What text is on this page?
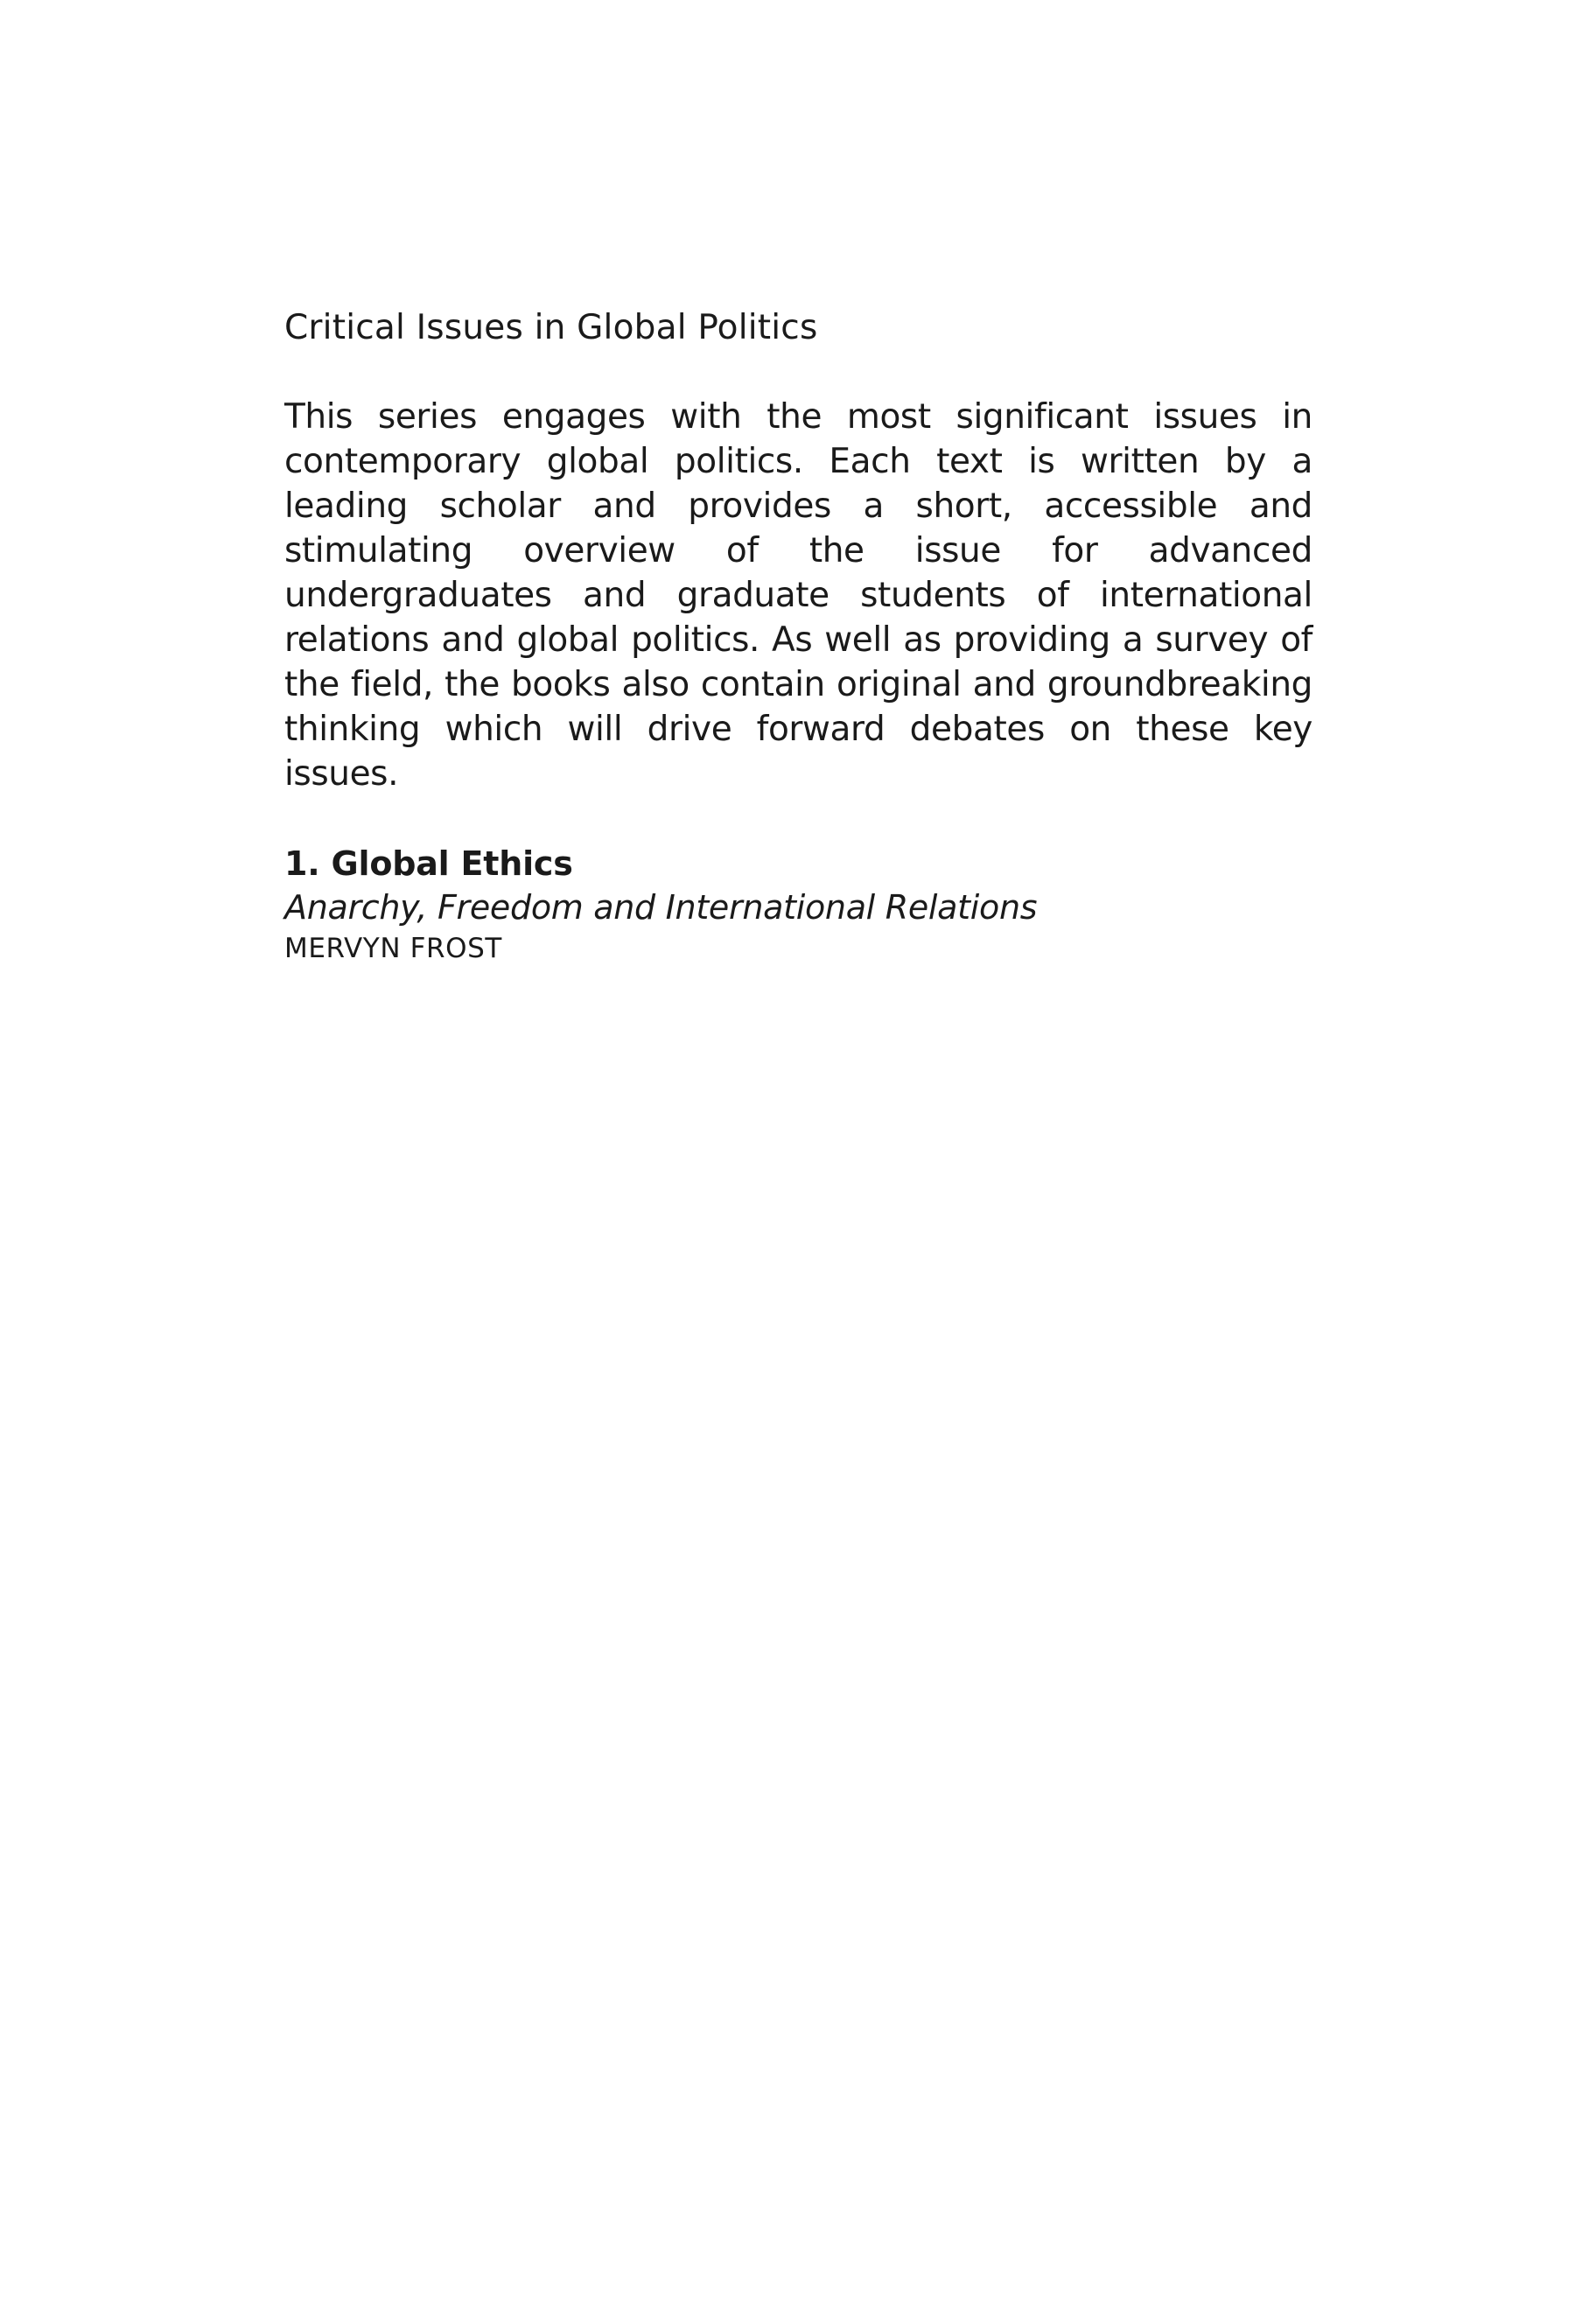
Critical Issues in Global Politics

This series engages with the most significant issues in contemporary global politics. Each text is written by a leading scholar and provides a short, accessible and stimulating overview of the issue for advanced undergraduates and graduate students of international relations and global politics. As well as providing a survey of the field, the books also contain original and groundbreaking thinking which will drive forward debates on these key issues.

1. Global Ethics

Anarchy, Freedom and International Relations

MERVYN FROST
